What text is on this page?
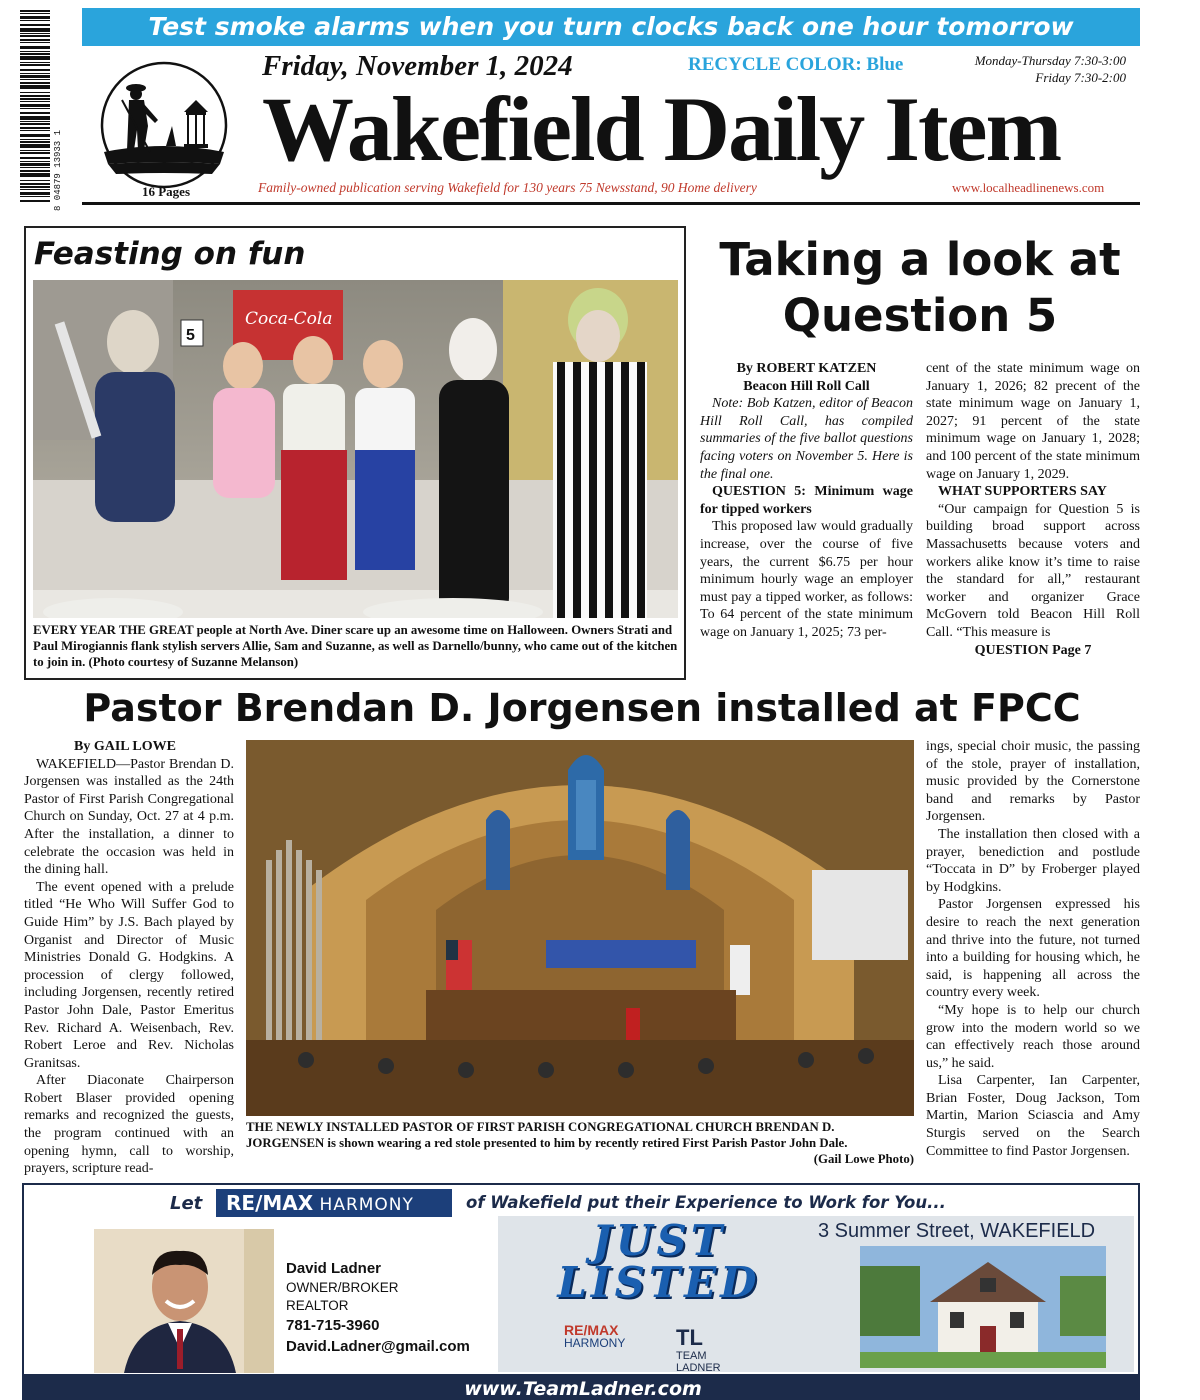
8 04879 13933 1
Test smoke alarms when you turn clocks back one hour tomorrow
16 Pages
Friday, November 1, 2024	RECYCLE COLOR: Blue	Monday-Thursday 7:30-3:00
Friday 7:30-2:00
Wakefield Daily Item
Family-owned publication serving Wakefield for 130 years 75 Newsstand, 90 Home delivery	www.localheadlinenews.com
Feasting on fun
Coca-Cola
5
EVERY YEAR THE GREAT people at North Ave. Diner scare up an awesome time on Halloween. Owners Strati and Paul Mirogiannis flank stylish servers Allie, Sam and Suzanne, as well as Darnello/bunny, who came out of the kitchen to join in. (Photo courtesy of Suzanne Melanson)
Taking a look at Question 5

By ROBERT KATZEN

Beacon Hill Roll Call

Note: Bob Katzen, editor of Beacon Hill Roll Call, has compiled summaries of the five ballot questions facing voters on November 5. Here is the final one.

QUESTION 5: Minimum wage for tipped workers

This proposed law would gradually increase, over the course of five years, the current $6.75 per hour minimum hourly wage an employer must pay a tipped worker, as follows: To 64 percent of the state minimum wage on January 1, 2025; 73 per-

cent of the state minimum wage on January 1, 2026; 82 precent of the state minimum wage on January 1, 2027; 91 percent of the state minimum wage on January 1, 2028; and 100 percent of the state minimum wage on January 1, 2029.

WHAT SUPPORTERS SAY

“Our campaign for Question 5 is building broad support across Massachusetts because voters and workers alike know it’s time to raise the standard for all,” restaurant worker and organizer Grace McGovern told Beacon Hill Roll Call. “This measure is

QUESTION Page 7

Pastor Brendan D. Jorgensen installed at FPCC

By GAIL LOWE

WAKEFIELD—Pastor Brendan D. Jorgensen was installed as the 24th Pastor of First Parish Congregational Church on Sunday, Oct. 27 at 4 p.m. After the installation, a dinner to celebrate the occasion was held in the dining hall.

The event opened with a prelude titled “He Who Will Suffer God to Guide Him” by J.S. Bach played by Organist and Director of Music Ministries Donald G. Hodgkins. A procession of clergy followed, including Jorgensen, recently retired Pastor John Dale, Pastor Emeritus Rev. Richard A. Weisenbach, Rev. Robert Leroe and Rev. Nicholas Granitsas.

After Diaconate Chairperson Robert Blaser provided opening remarks and recognized the guests, the program continued with an opening hymn, call to worship, prayers, scripture read-

THE NEWLY INSTALLED PASTOR OF FIRST PARISH CONGREGATIONAL CHURCH BRENDAN D. JORGENSEN is shown wearing a red stole presented to him by recently retired First Parish Pastor John Dale.
(Gail Lowe Photo)

ings, special choir music, the passing of the stole, prayer of installation, music provided by the Cornerstone band and remarks by Pastor Jorgensen.

The installation then closed with a prayer, benediction and postlude “Toccata in D” by Froberger played by Hodgkins.

Pastor Jorgensen expressed his desire to reach the next generation and thrive into the future, not turned into a building for housing which, he said, is happening all across the country every week.

“My hope is to help our church grow into the modern world so we can effectively reach those around us,” he said.

Lisa Carpenter, Ian Carpenter, Brian Foster, Doug Jackson, Tom Martin, Marion Sciascia and Amy Sturgis served on the Search Committee to find Pastor Jorgensen.

Let	RE/MAX HARMONY	of Wakefield put their Experience to Work for You...
David Ladner
OWNER/BROKER
REALTOR
781-715-3960
David.Ladner@gmail.com
JUST
LISTED
3 Summer Street, WAKEFIELD
RE/MAX
HARMONY TL
TEAM
LADNER
www.TeamLadner.com
